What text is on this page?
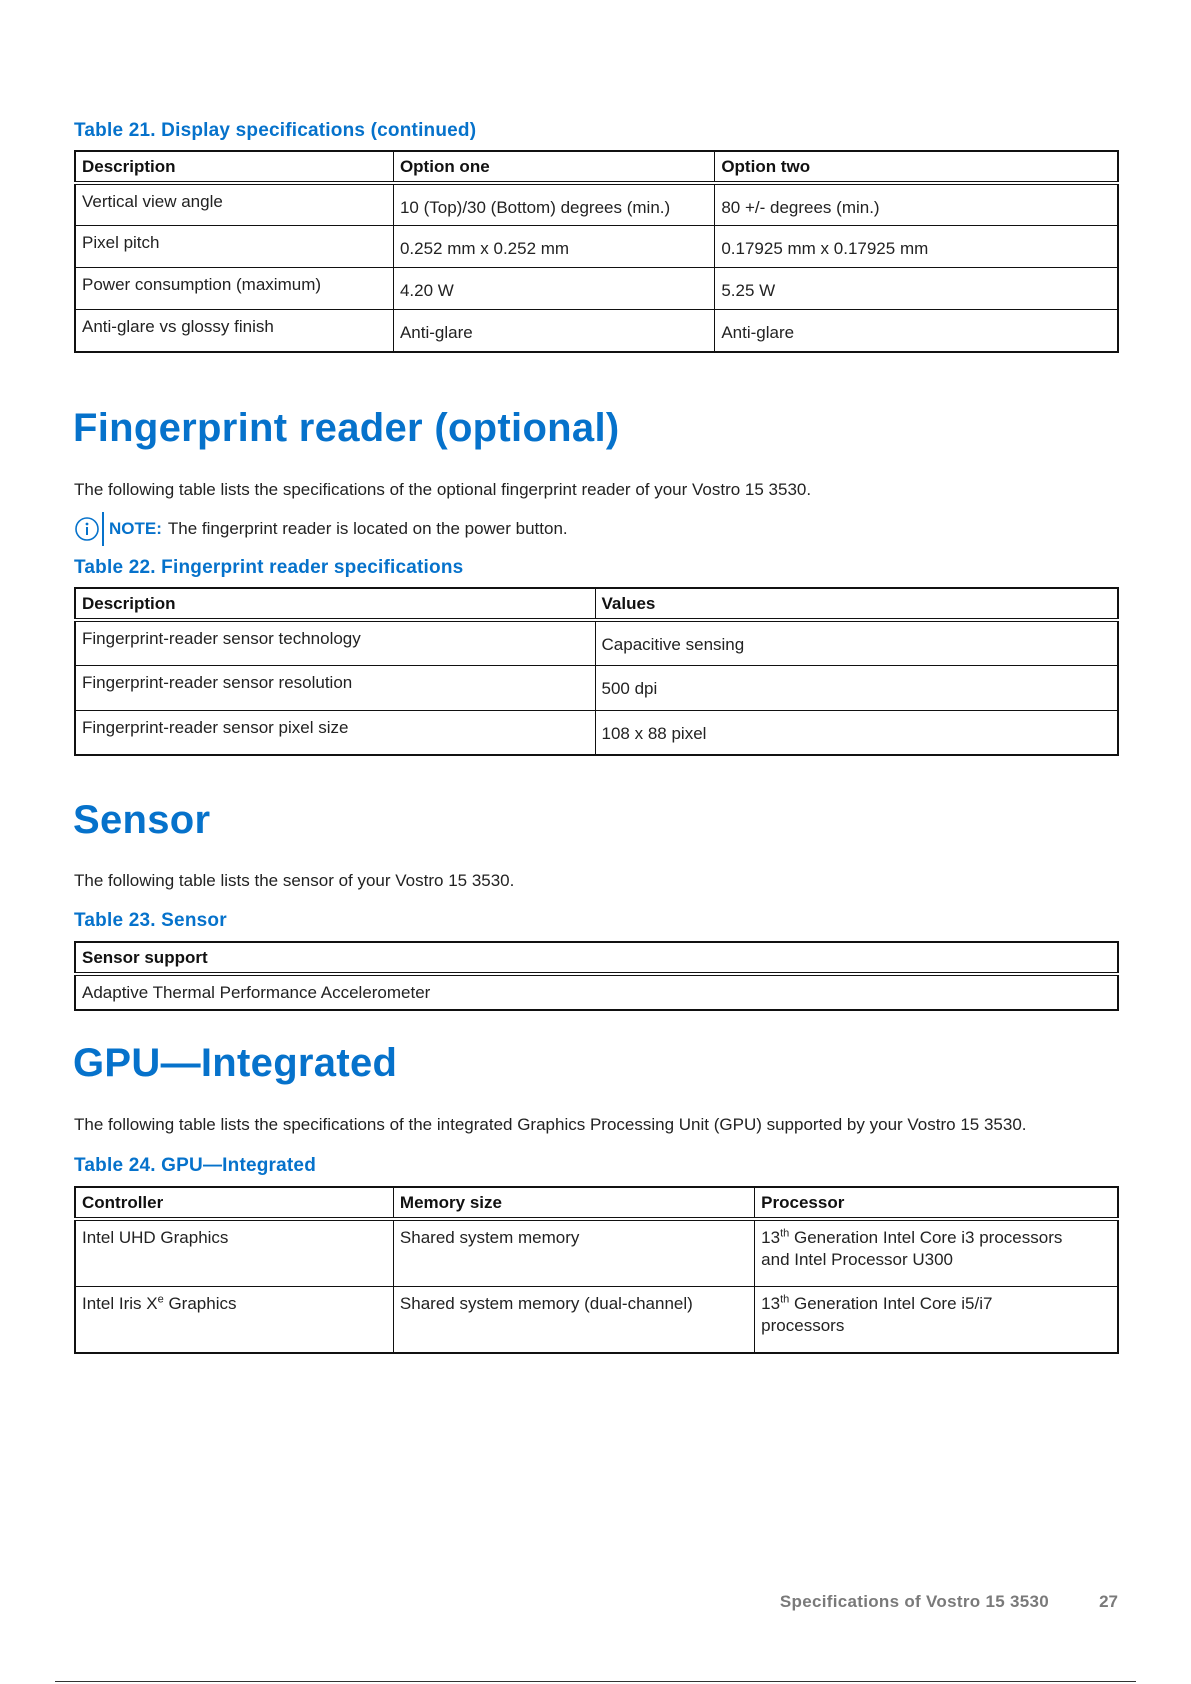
Table 21. Display specifications (continued)
Description	Option one	Option two
Vertical view angle	10 (Top)/30 (Bottom) degrees (min.)	80 +/- degrees (min.)
Pixel pitch	0.252 mm x 0.252 mm	0.17925 mm x 0.17925 mm
Power consumption (maximum)	4.20 W	5.25 W
Anti-glare vs glossy finish	Anti-glare	Anti-glare
Fingerprint reader (optional)
The following table lists the specifications of the optional fingerprint reader of your Vostro 15 3530.
NOTE: The fingerprint reader is located on the power button.
Table 22. Fingerprint reader specifications
Description	Values
Fingerprint-reader sensor technology	Capacitive sensing
Fingerprint-reader sensor resolution	500 dpi
Fingerprint-reader sensor pixel size	108 x 88 pixel
Sensor
The following table lists the sensor of your Vostro 15 3530.
Table 23. Sensor
Sensor support
Adaptive Thermal Performance Accelerometer
GPU—Integrated
The following table lists the specifications of the integrated Graphics Processing Unit (GPU) supported by your Vostro 15 3530.
Table 24. GPU—Integrated
Controller	Memory size	Processor
Intel UHD Graphics	Shared system memory	13th Generation Intel Core i3 processors
and Intel Processor U300
Intel Iris Xe Graphics	Shared system memory (dual-channel)	13th Generation Intel Core i5/i7
processors
Specifications of Vostro 15 3530	27
